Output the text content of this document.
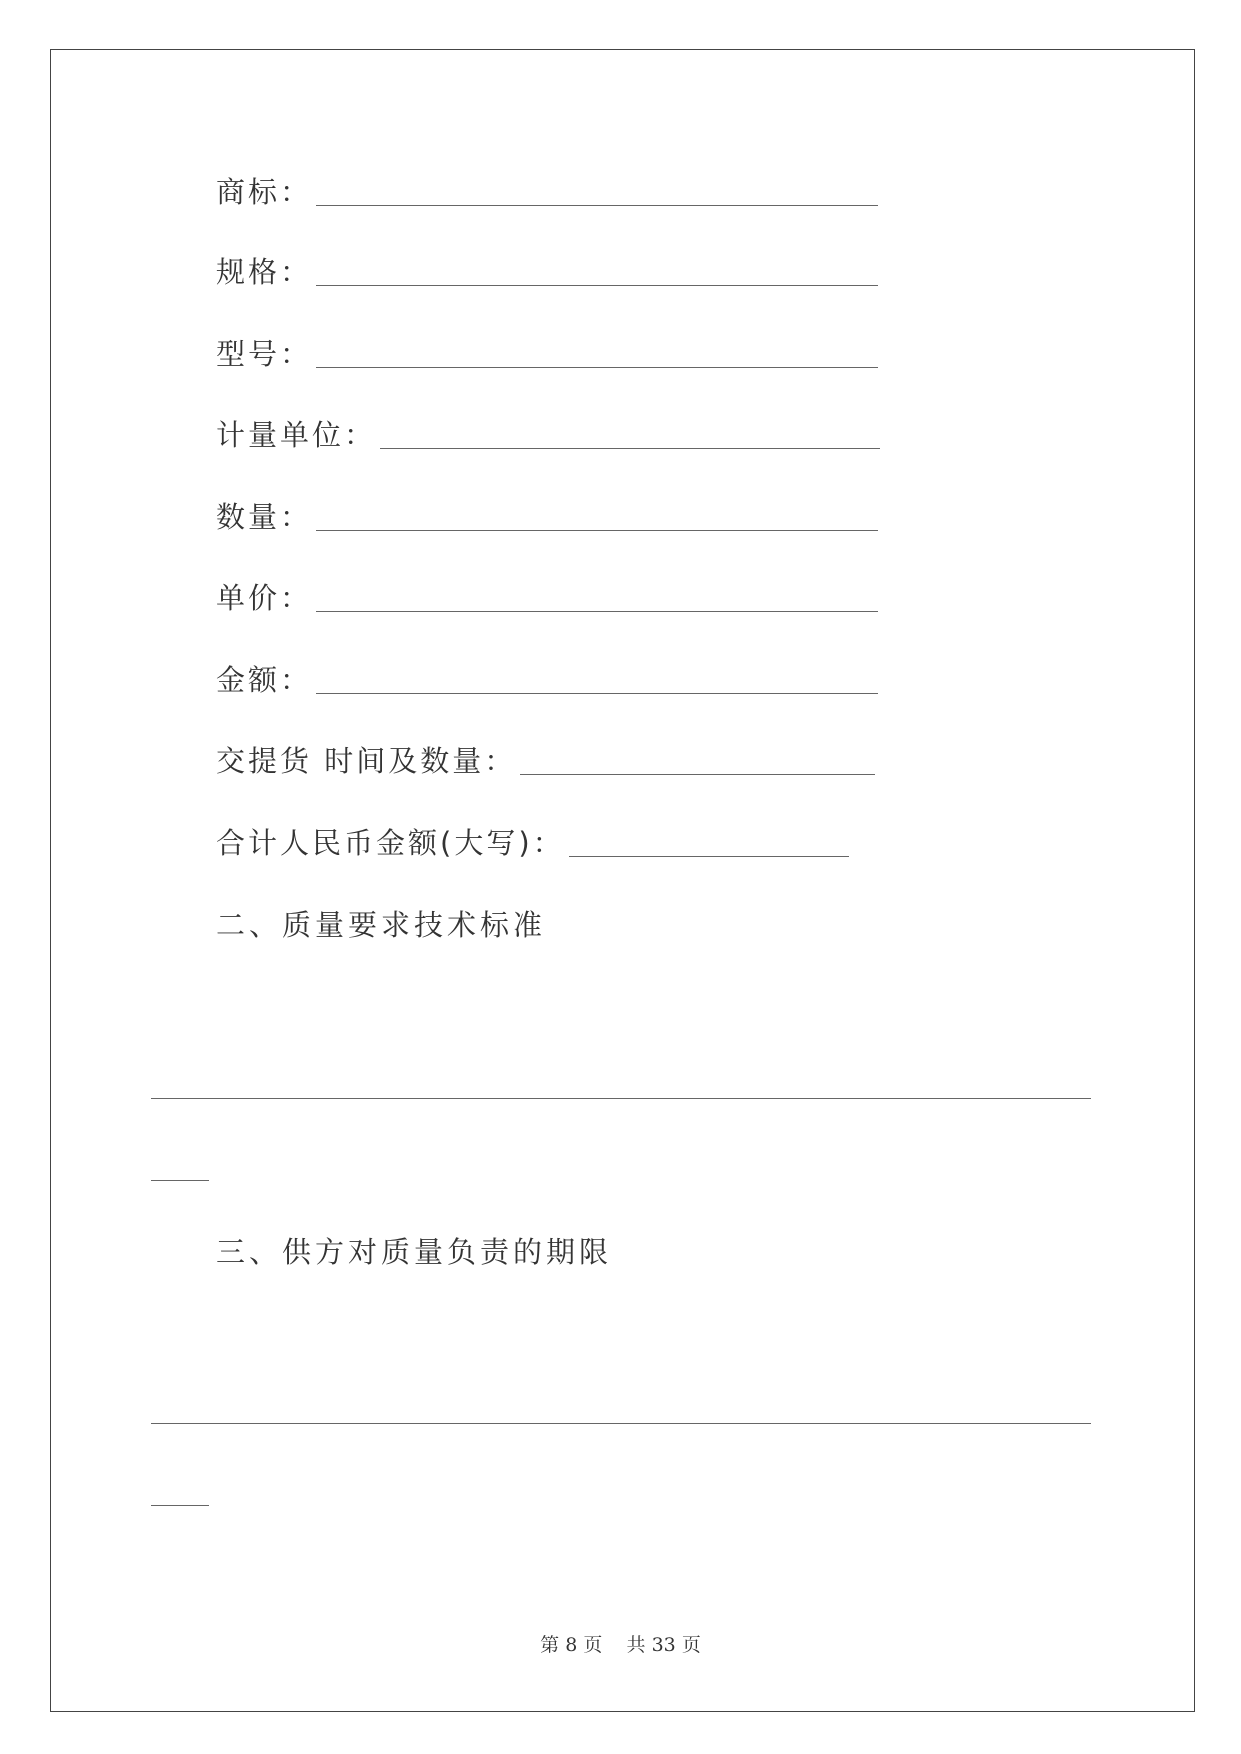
商标：
规格：
型号：
计量单位：
数量：
单价：
金额：
交提货 时间及数量：
合计人民币金额(大写)：
二、质量要求技术标准
三、供方对质量负责的期限
第 8 页 共 33 页
